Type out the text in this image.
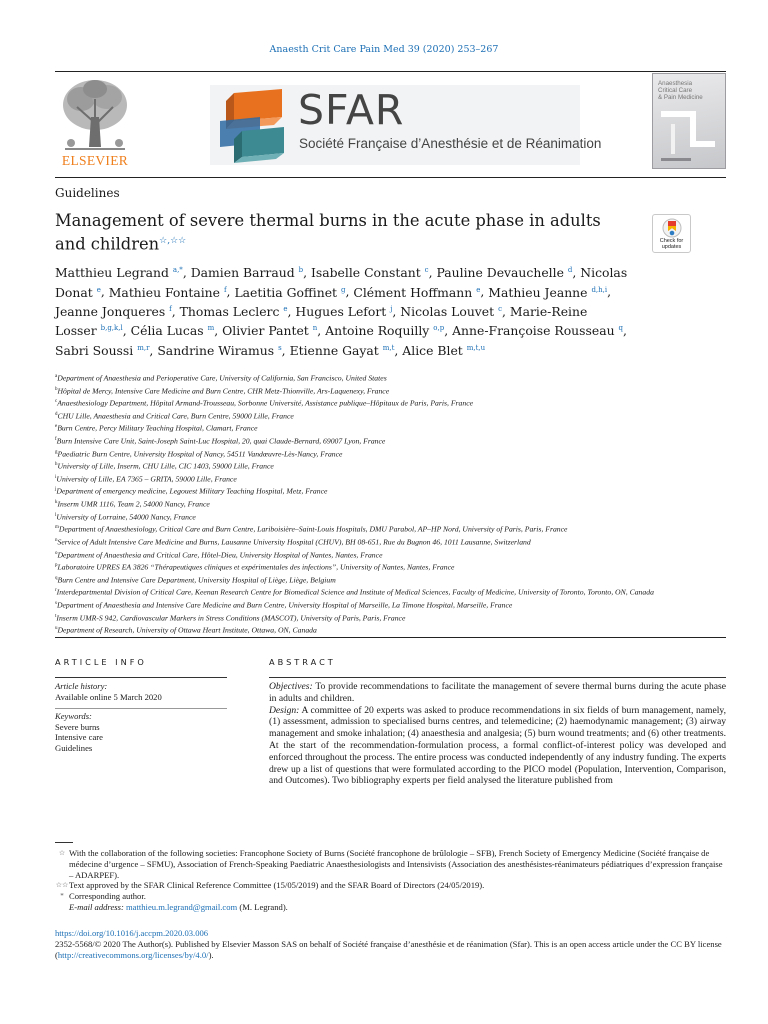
Anaesth Crit Care Pain Med 39 (2020) 253–267
ELSEVIER
SFAR
Société Française d’Anesthésie et de Réanimation
Anaesthesia
Critical Care
& Pain Medicine
Guidelines
Management of severe thermal burns in the acute phase in adults and children☆,☆☆	Check for
updates
Matthieu Legrand $^{a,*}$, Damien Barraud $^b$, Isabelle Constant $^c$, Pauline Devauchelle $^d$, Nicolas Donat $^e$, Mathieu Fontaine $^f$, Laetitia Goffinet $^g$, Clément Hoffmann $^e$, Mathieu Jeanne $^{d,h,i}$, Jeanne Jonqueres $^f$, Thomas Leclerc $^e$, Hugues Lefort $^j$, Nicolas Louvet $^c$, Marie-Reine Losser $^{b,g,k,l}$, Célia Lucas $^m$, Olivier Pantet $^n$, Antoine Roquilly $^{o,p}$, Anne-Françoise Rousseau $^q$, Sabri Soussi $^{m,r}$, Sandrine Wiramus $^s$, Etienne Gayat $^{m,t}$, Alice Blet $^{m,t,u}$
$^a$Department of Anaesthesia and Perioperative Care, University of California, San Francisco, United States
$^b$Hôpital de Mercy, Intensive Care Medicine and Burn Centre, CHR Metz-Thionville, Ars-Laquenexy, France
$^c$Anaesthesiology Department, Hôpital Armand-Trousseau, Sorbonne Université, Assistance publique–Hôpitaux de Paris, Paris, France
$^d$CHU Lille, Anaesthesia and Critical Care, Burn Centre, 59000 Lille, France
$^e$Burn Centre, Percy Military Teaching Hospital, Clamart, France
$^f$Burn Intensive Care Unit, Saint-Joseph Saint-Luc Hospital, 20, quai Claude-Bernard, 69007 Lyon, France
$^g$Paediatric Burn Centre, University Hospital of Nancy, 54511 Vandœuvre-Lès-Nancy, France
$^h$University of Lille, Inserm, CHU Lille, CIC 1403, 59000 Lille, France
$^i$University of Lille, EA 7365 – GRITA, 59000 Lille, France
$^j$Department of emergency medicine, Legouest Military Teaching Hospital, Metz, France
$^k$Inserm UMR 1116, Team 2, 54000 Nancy, France
$^l$University of Lorraine, 54000 Nancy, France
$^m$Department of Anaesthesiology, Critical Care and Burn Centre, Lariboisière–Saint-Louis Hospitals, DMU Parabol, AP–HP Nord, University of Paris, Paris, France
$^n$Service of Adult Intensive Care Medicine and Burns, Lausanne University Hospital (CHUV), BH 08-651, Rue du Bugnon 46, 1011 Lausanne, Switzerland
$^o$Department of Anaesthesia and Critical Care, Hôtel-Dieu, University Hospital of Nantes, Nantes, France
$^p$Laboratoire UPRES EA 3826 “Thérapeutiques cliniques et expérimentales des infections”, University of Nantes, Nantes, France
$^q$Burn Centre and Intensive Care Department, University Hospital of Liège, Liège, Belgium
$^r$Interdepartmental Division of Critical Care, Keenan Research Centre for Biomedical Science and Institute of Medical Sciences, Faculty of Medicine, University of Toronto, Toronto, ON, Canada
$^s$Department of Anaesthesia and Intensive Care Medicine and Burn Centre, University Hospital of Marseille, La Timone Hospital, Marseille, France
$^t$Inserm UMR-S 942, Cardiovascular Markers in Stress Conditions (MASCOT), University of Paris, Paris, France
$^u$Department of Research, University of Ottawa Heart Institute, Ottawa, ON, Canada
ARTICLE INFO
Article history:
Available online 5 March 2020
Keywords:
Severe burns
Intensive care
Guidelines
ABSTRACT
Objectives: To provide recommendations to facilitate the management of severe thermal burns during the acute phase in adults and children.
Design: A committee of 20 experts was asked to produce recommendations in six fields of burn management, namely, (1) assessment, admission to specialised burns centres, and telemedicine; (2) haemodynamic management; (3) airway management and smoke inhalation; (4) anaesthesia and analgesia; (5) burn wound treatments; and (6) other treatments. At the start of the recommendation-formulation process, a formal conflict-of-interest policy was developed and enforced throughout the process. The entire process was conducted independently of any industry funding. The experts drew up a list of questions that were formulated according to the PICO model (Population, Intervention, Comparison, and Outcomes). Two bibliography experts per field analysed the literature published from
☆ With the collaboration of the following societies: Francophone Society of Burns (Société francophone de brûlologie – SFB), French Society of Emergency Medicine (Société française de médecine d’urgence – SFMU), Association of French-Speaking Paediatric Anaesthesiologists and Intensivists (Association des anesthésistes-réanimateurs pédiatriques d’expression française – ADARPEF).
☆☆Text approved by the SFAR Clinical Reference Committee (15/05/2019) and the SFAR Board of Directors (24/05/2019).
* Corresponding author.
E-mail address: matthieu.m.legrand@gmail.com (M. Legrand).
https://doi.org/10.1016/j.accpm.2020.03.006
2352-5568/© 2020 The Author(s). Published by Elsevier Masson SAS on behalf of Société française d’anesthésie et de réanimation (Sfar). This is an open access article under the CC BY license (http://creativecommons.org/licenses/by/4.0/).
